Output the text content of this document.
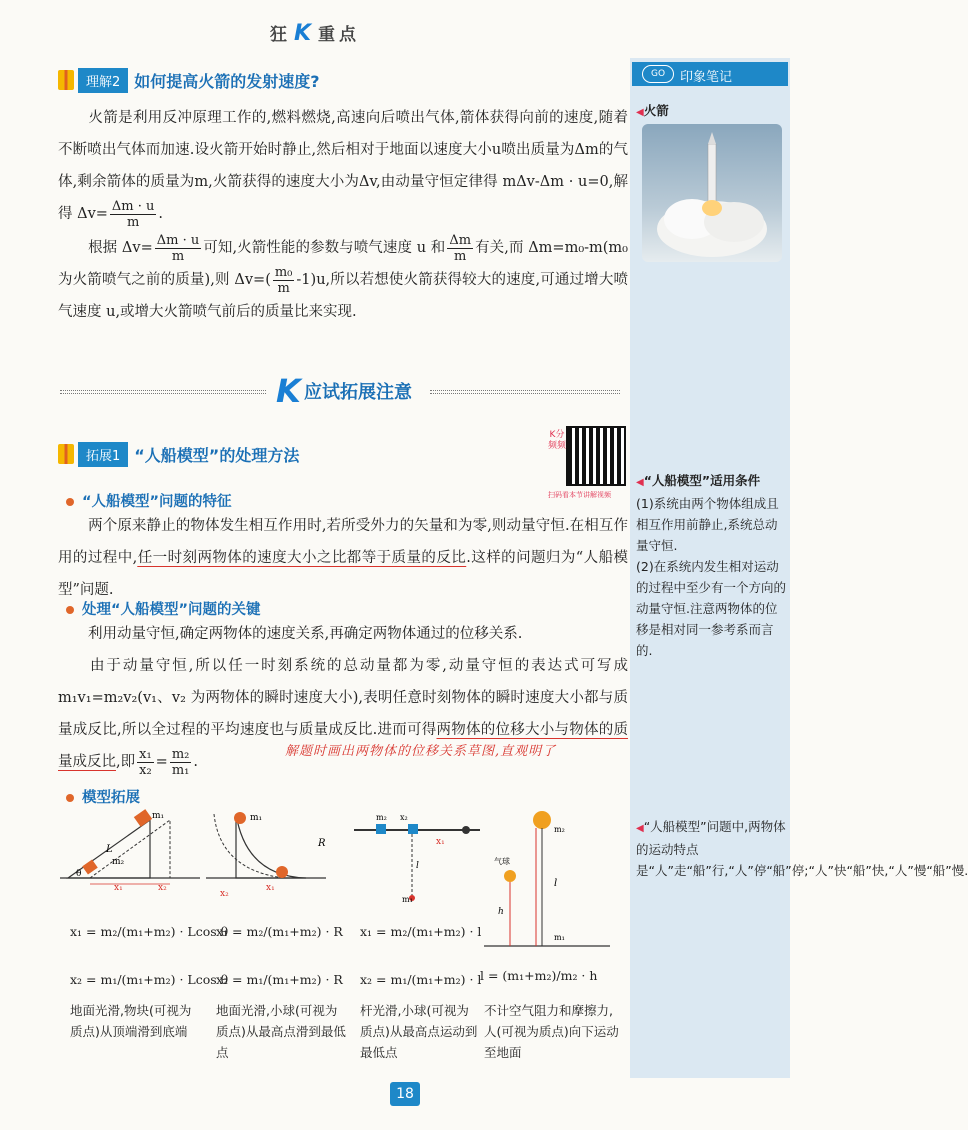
狂 K 重点
GO	印象笔记
◀火箭
◀“人船模型”适用条件
(1)系统由两个物体组成且相互作用前静止,系统总动量守恒.
(2)在系统内发生相对运动的过程中至少有一个方向的动量守恒.注意两物体的位移是相对同一参考系而言的.
◀“人船模型”问题中,两物体的运动特点是“人”走“船”行,“人”停“船”停;“人”快“船”快,“人”慢“船”慢.
理解2 如何提高火箭的发射速度?
火箭是利用反冲原理工作的,燃料燃烧,高速向后喷出气体,箭体获得向前的速度,随着不断喷出气体而加速.设火箭开始时静止,然后相对于地面以速度大小u喷出质量为Δm的气体,剩余箭体的质量为m,火箭获得的速度大小为Δv,由动量守恒定律得 mΔv-Δm · u=0,解得 $\Delta v= \frac{\Delta m \cdot u}{m}$ .
根据 $\Delta v= \frac{\Delta m \cdot u}{m}$ 可知,火箭性能的参数与喷气速度 u 和 $\frac{\Delta m}{m}$ 有关,而 Δm=m₀-m(m₀ 为火箭喷气之前的质量),则 $\Delta v=( \frac{\text{m₀}}{m} -1)u$,所以若想使火箭获得较大的速度,可通过增大喷气速度 u,或增大火箭喷气前后的质量比来实现.
K 应试拓展注意
拓展1 “人船模型”的处理方法
K分频频
扫码看本节讲解视频
“人船模型”问题的特征
两个原来静止的物体发生相互作用时,若所受外力的矢量和为零,则动量守恒.在相互作用的过程中,任一时刻两物体的速度大小之比都等于质量的反比.这样的问题归为“人船模型”问题.
处理“人船模型”问题的关键
利用动量守恒,确定两物体的速度关系,再确定两物体通过的位移关系.
由于动量守恒,所以任一时刻系统的总动量都为零,动量守恒的表达式可写成 m₁v₁=m₂v₂(v₁、v₂ 为两物体的瞬时速度大小),表明任意时刻物体的瞬时速度大小都与质量成反比,所以全过程的平均速度也与质量成反比.进而可得两物体的位移大小与物体的质量成反比,即 $\frac{\text{x₁}}{\text{x₂}} = \frac{\text{m₂}}{\text{m₁}}$ .
解题时画出两物体的位移关系草图,直观明了
模型拓展
m₁
L
m₂
θ
x₁	x₂
x₁ = m₂/(m₁+m₂) · Lcos θ
x₂ = m₁/(m₁+m₂) · Lcos θ
地面光滑,物块(可视为质点)从顶端滑到底端
m₁
R
x₁
x₂
x₁ = m₂/(m₁+m₂) · R
x₂ = m₁/(m₁+m₂) · R
地面光滑,小球(可视为质点)从最高点滑到最低点
m₂ x₂
l
m₁
x₁
x₁ = m₂/(m₁+m₂) · l
x₂ = m₁/(m₁+m₂) · l
杆光滑,小球(可视为质点)从最高点运动到最低点
m₂
气球
l
h
m₁
l = (m₁+m₂)/m₂ · h
不计空气阻力和摩擦力,人(可视为质点)向下运动至地面
18
